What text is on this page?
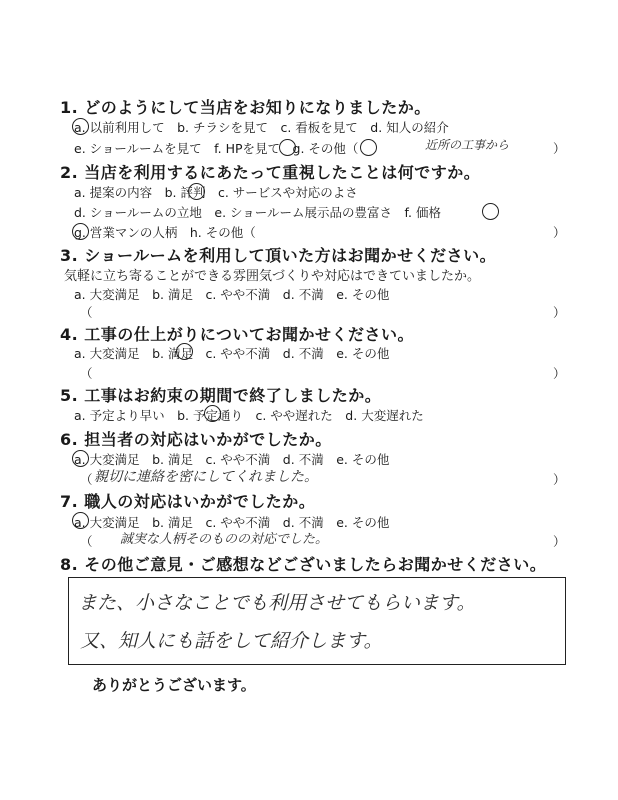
1. どのようにして当店をお知りになりましたか。
a. 以前利用して　b. チラシを見て　c. 看板を見て　d. 知人の紹介
e. ショールームを見て　f. HPを見て　g. その他（	近所の工事から	）
2. 当店を利用するにあたって重視したことは何ですか。
a. 提案の内容　b. 評判　c. サービスや対応のよさ
d. ショールームの立地　e. ショールーム展示品の豊富さ　f. 価格
g. 営業マンの人柄　h. その他（	）
3. ショールームを利用して頂いた方はお聞かせください。
気軽に立ち寄ることができる雰囲気づくりや対応はできていましたか。
a. 大変満足　b. 満足　c. やや不満　d. 不満　e. その他
（	）
4. 工事の仕上がりについてお聞かせください。
a. 大変満足　b. 満足　c. やや不満　d. 不満　e. その他
（	）
5. 工事はお約束の期間で終了しましたか。
a. 予定より早い　b. 予定通り　c. やや遅れた　d. 大変遅れた
6. 担当者の対応はいかがでしたか。
a. 大変満足　b. 満足　c. やや不満　d. 不満　e. その他
（ 親切に連絡を密にしてくれました。	）
7. 職人の対応はいかがでしたか。
a. 大変満足　b. 満足　c. やや不満　d. 不満　e. その他
（ 誠実な人柄そのものの対応でした。	）
8. その他ご意見・ご感想などございましたらお聞かせください。
また、小さなことでも利用させてもらいます。
又、知人にも話をして紹介します。
ありがとうございます。
